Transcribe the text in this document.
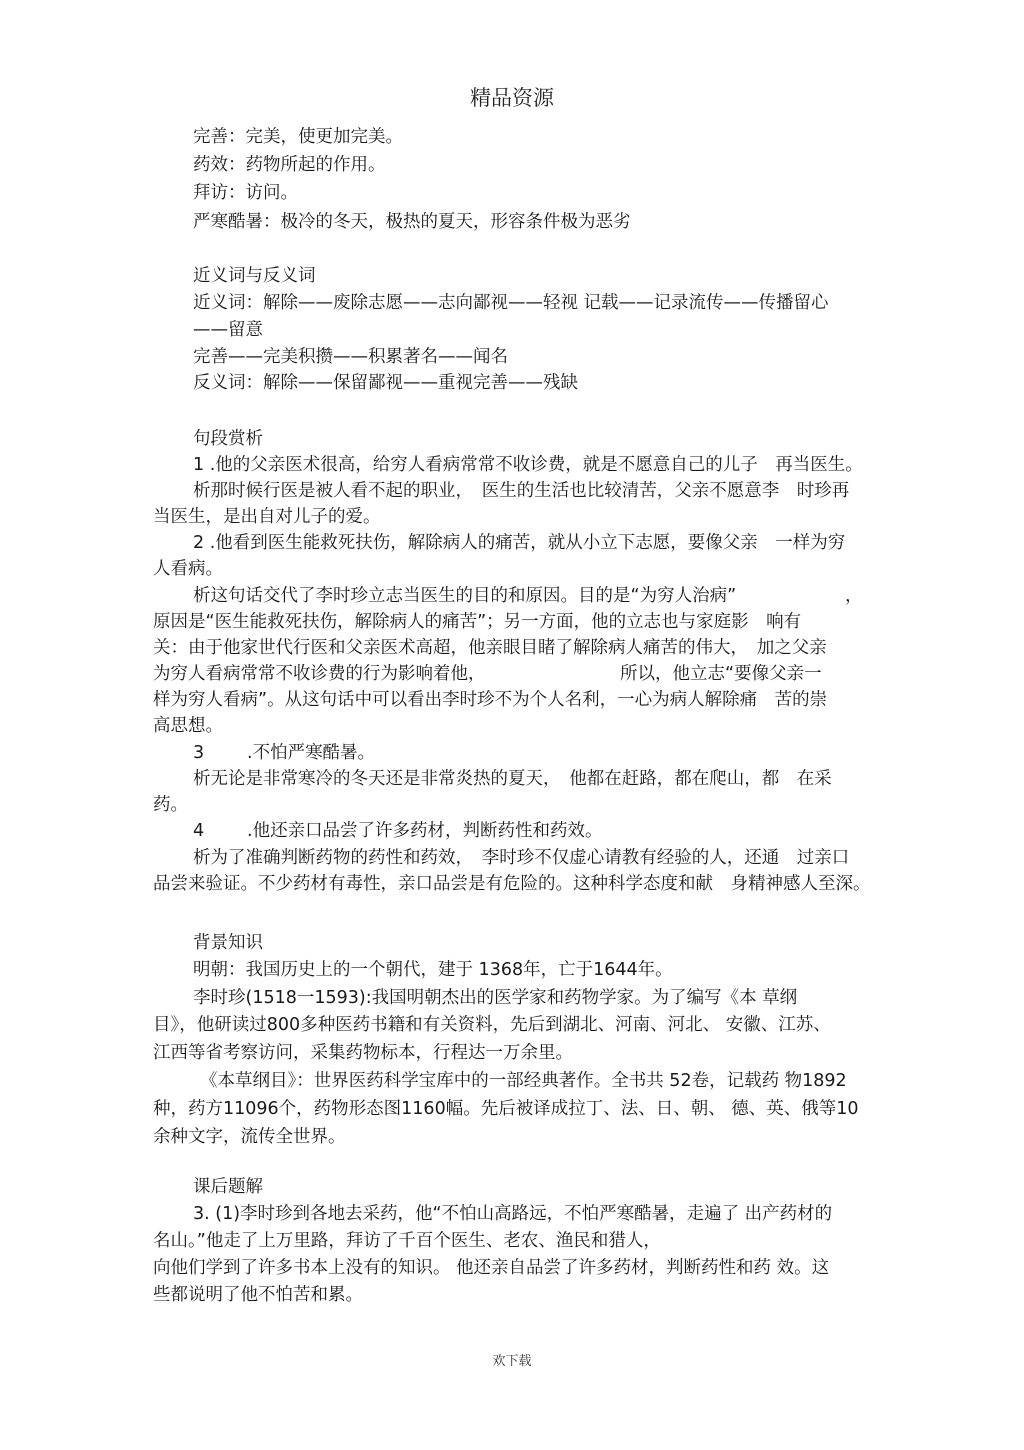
精品资源
完善：完美，使更加完美。
药效：药物所起的作用。
拜访：访问。
严寒酷暑：极冷的冬天，极热的夏天，形容条件极为恶劣
近义词与反义词
近义词：解除——废除志愿——志向鄙视——轻视 记载——记录流传——传播留心
——留意
完善——完美积攒——积累著名——闻名
反义词：解除——保留鄙视——重视完善——残缺
句段赏析
1 .他的父亲医术很高，给穷人看病常常不收诊费，就是不愿意自己的儿子　再当医生。
析那时候行医是被人看不起的职业，　医生的生活也比较清苦，父亲不愿意李　时珍再
当医生，是出自对儿子的爱。
2 .他看到医生能救死扶伤，解除病人的痛苦，就从小立下志愿，要像父亲　一样为穷
人看病。
析这句话交代了李时珍立志当医生的目的和原因。目的是“为穷人治病”	，
原因是“医生能救死扶伤，解除病人的痛苦”；另一方面，他的立志也与家庭影　响有
关：由于他家世代行医和父亲医术高超，他亲眼目睹了解除病人痛苦的伟大，　加之父亲
为穷人看病常常不收诊费的行为影响着他，	所以，他立志“要像父亲一
样为穷人看病”。从这句话中可以看出李时珍不为个人名利，一心为病人解除痛　苦的崇
高思想。
3 .不怕严寒酷暑。
析无论是非常寒冷的冬天还是非常炎热的夏天，　他都在赶路，都在爬山，都　在采
药。
4 .他还亲口品尝了许多药材，判断药性和药效。
析为了准确判断药物的药性和药效，　李时珍不仅虚心请教有经验的人，还通　过亲口
品尝来验证。不少药材有毒性，亲口品尝是有危险的。这种科学态度和献　身精神感人至深。
背景知识
明朝：我国历史上的一个朝代，建于 1368年，亡于1644年。
李时珍(1518一1593):我国明朝杰出的医学家和药物学家。为了编写《本 草纲
目》，他研读过800多种医药书籍和有关资料，先后到湖北、河南、河北、 安徽、江苏、
江西等省考察访问，采集药物标本，行程达一万余里。
《本草纲目》：世界医药科学宝库中的一部经典著作。全书共 52卷，记载药 物1892
种，药方11096个，药物形态图1160幅。先后被译成拉丁、法、日、朝、 德、英、俄等10
余种文字，流传全世界。
课后题解
3. (1)李时珍到各地去采药，他“不怕山高路远，不怕严寒酷暑，走遍了 出产药材的
名山。”他走了上万里路，拜访了千百个医生、老农、渔民和猎人，
向他们学到了许多书本上没有的知识。 他还亲自品尝了许多药材，判断药性和药 效。这
些都说明了他不怕苦和累。
欢下载
